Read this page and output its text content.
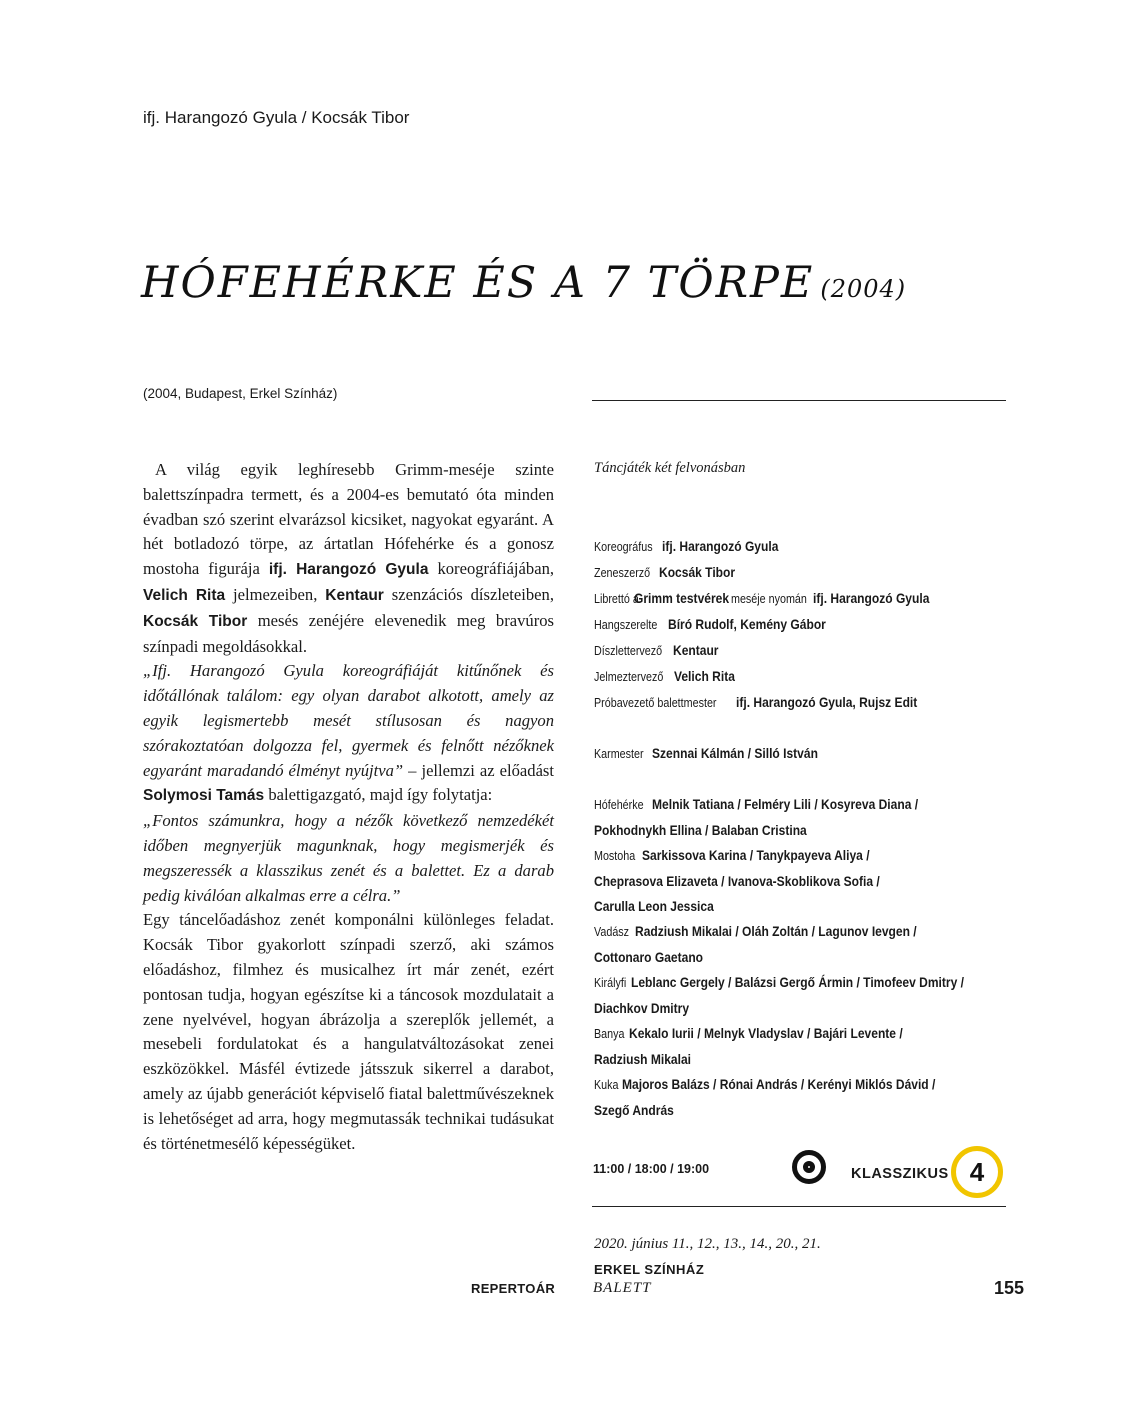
ifj. Harangozó Gyula / Kocsák Tibor
HÓFEHÉRKE ÉS A 7 TÖRPE (2004)
(2004, Budapest, Erkel Színház)

A világ egyik leghíresebb Grimm-meséje szinte balettszínpadra termett, és a 2004-es bemutató óta minden évadban szó szerint elvarázsol kicsiket, nagyokat egyaránt. A hét botladozó törpe, az ártatlan Hófehérke és a gonosz mostoha figurája ifj. Harangozó Gyula koreográfiájában, Velich Rita jelmezeiben, Kentaur szenzációs díszleteiben, Kocsák Tibor mesés zenéjére elevenedik meg bravúros színpadi megoldásokkal.

„Ifj. Harangozó Gyula koreográfiáját kitűnőnek és időtállónak találom: egy olyan darabot alkotott, amely az egyik legismertebb mesét stílusosan és nagyon szórakoztatóan dolgozza fel, gyermek és felnőtt nézőknek egyaránt maradandó élményt nyújtva” – jellemzi az előadást Solymosi Tamás balettigazgató, majd így folytatja:

„Fontos számunkra, hogy a nézők következő nemzedékét időben megnyerjük magunknak, hogy megismerjék és megszeressék a klasszikus zenét és a balettet. Ez a darab pedig kiválóan alkalmas erre a célra.”

Egy táncelőadáshoz zenét komponálni különleges feladat. Kocsák Tibor gyakorlott színpadi szerző, aki számos előadáshoz, filmhez és musicalhez írt már zenét, ezért pontosan tudja, hogyan egészítse ki a táncosok mozdulatait a zene nyelvével, hogyan ábrázolja a szereplők jellemét, a mesebeli fordulatokat és a hangulatváltozásokat zenei eszközökkel. Másfél évtizede játsszuk sikerrel a darabot, amely az újabb generációt képviselő fiatal balettművészeknek is lehetőséget ad arra, hogy megmutassák technikai tudásukat és történetmesélő képességüket.

Táncjáték két felvonásban
Koreográfus ifj. Harangozó Gyula
Zeneszerző Kocsák Tibor
Librettó aGrimm testvérekmeséje nyomán ifj. Harangozó Gyula
Hangszerelte Bíró Rudolf, Kemény Gábor
Díszlettervező Kentaur
Jelmeztervező Velich Rita
Próbavezető balettmester ifj. Harangozó Gyula, Rujsz Edit
Karmester Szennai Kálmán / Silló István
Hófehérke Melnik Tatiana / Felméry Lili / Kosyreva Diana /
Pokhodnykh Ellina / Balaban Cristina
Mostoha Sarkissova Karina / Tanykpayeva Aliya /
Cheprasova Elizaveta / Ivanova-Skoblikova Sofia /
Carulla Leon Jessica
Vadász Radziush Mikalai / Oláh Zoltán / Lagunov Ievgen /
Cottonaro Gaetano
Királyfi Leblanc Gergely / Balázsi Gergő Ármin / Timofeev Dmitry /
Diachkov Dmitry
Banya Kekalo Iurii / Melnyk Vladyslav / Bajári Levente /
Radziush Mikalai
Kuka Majoros Balázs / Rónai András / Kerényi Miklós Dávid /
Szegő András
11:00 / 18:00 / 19:00	KLASSZIKUS 4
2020. június 11., 12., 13., 14., 20., 21.
ERKEL SZÍNHÁZ
REPERTOÁR	BALETT	155
